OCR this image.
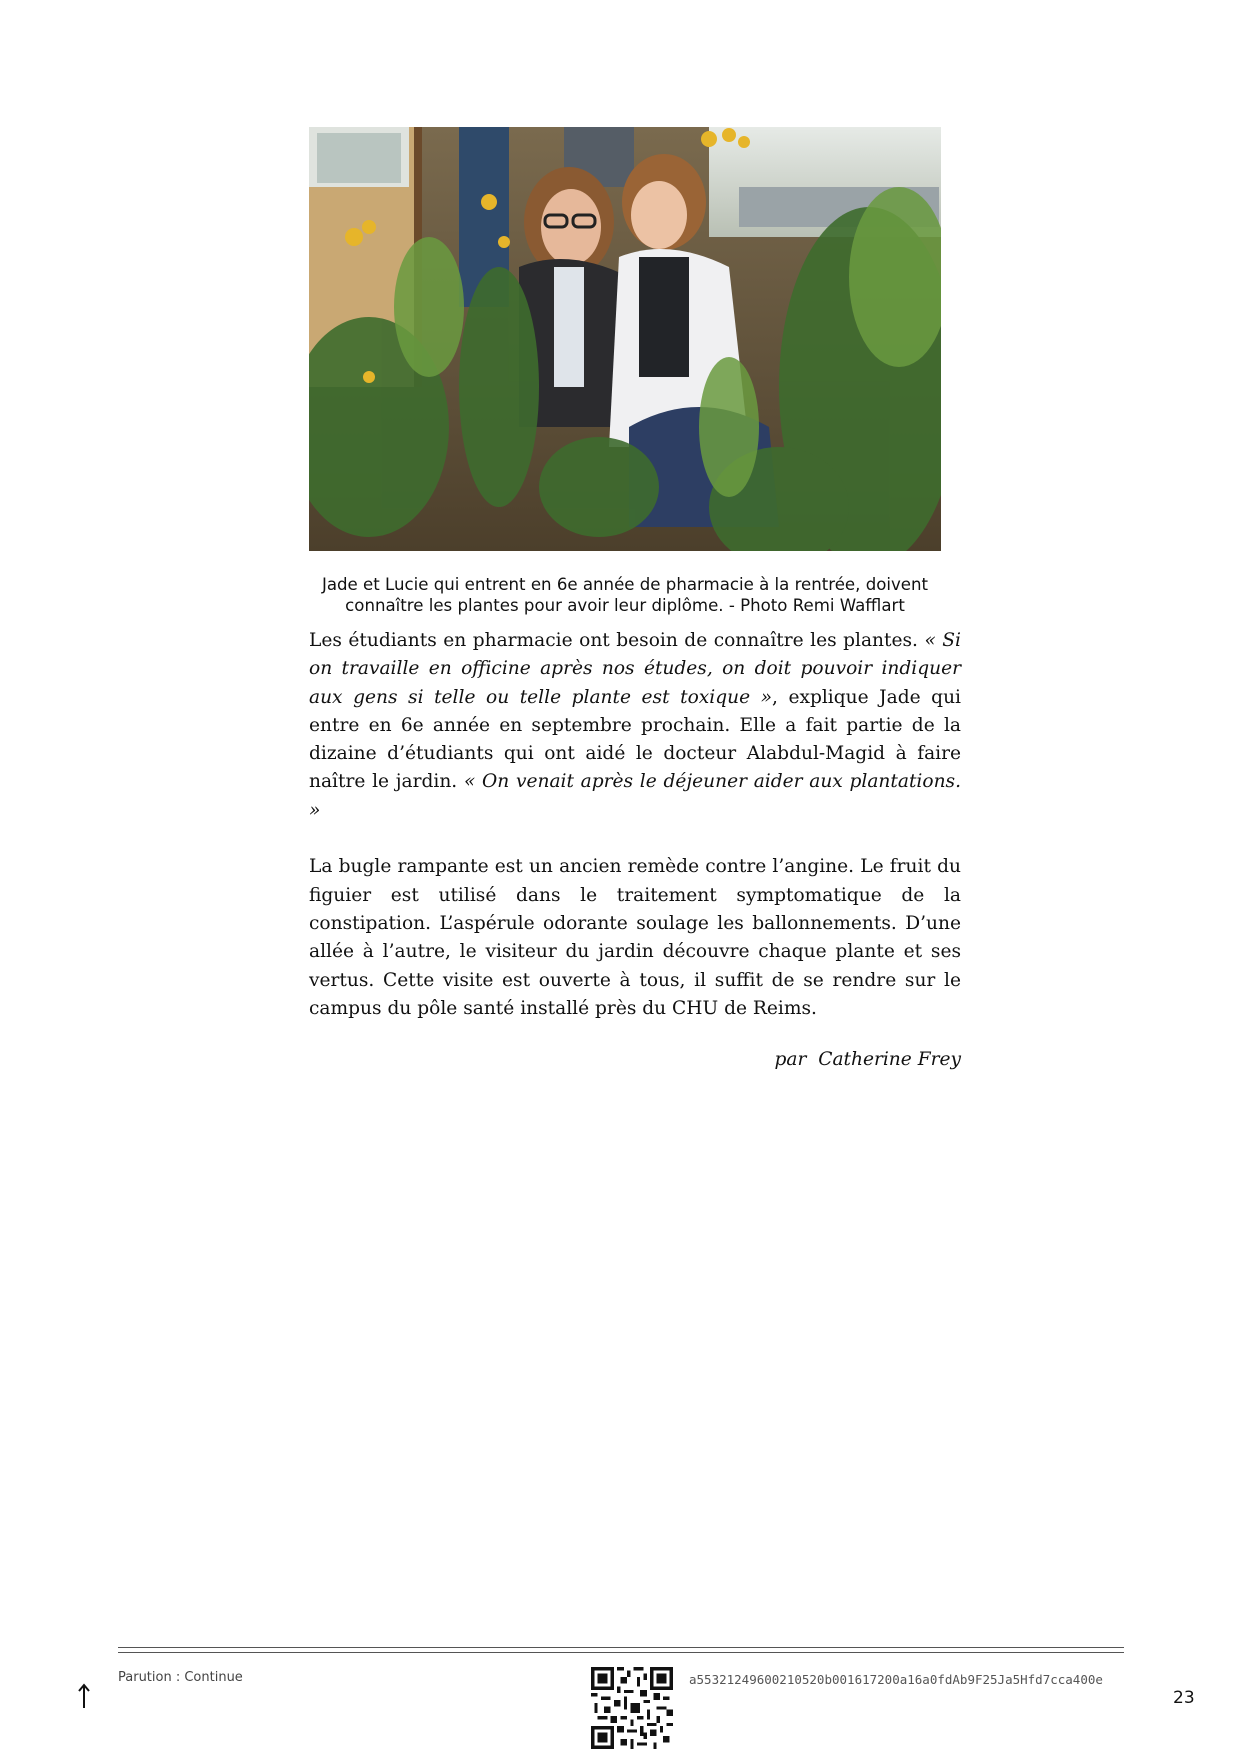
Jade et Lucie qui entrent en 6e année de pharmacie à la rentrée, doivent connaître les plantes pour avoir leur diplôme. - Photo Remi Wafflart

Les étudiants en pharmacie ont besoin de connaître les plantes. « Si on travaille en officine après nos études, on doit pouvoir indiquer aux gens si telle ou telle plante est toxique », explique Jade qui entre en 6e année en septembre prochain. Elle a fait partie de la dizaine d’étudiants qui ont aidé le docteur Alabdul-Magid à faire naître le jardin. « On venait après le déjeuner aider aux plantations. »

La bugle rampante est un ancien remède contre l’angine. Le fruit du figuier est utilisé dans le traitement symptomatique de la constipation. L’aspérule odorante soulage les ballonnements. D’une allée à l’autre, le visiteur du jardin découvre chaque plante et ses vertus. Cette visite est ouverte à tous, il suffit de se rendre sur le campus du pôle santé installé près du CHU de Reims.

par  Catherine Frey
Parution : Continue	a55321249600210520b001617200a16a0fdAb9F25Ja5Hfd7cca400e
23
